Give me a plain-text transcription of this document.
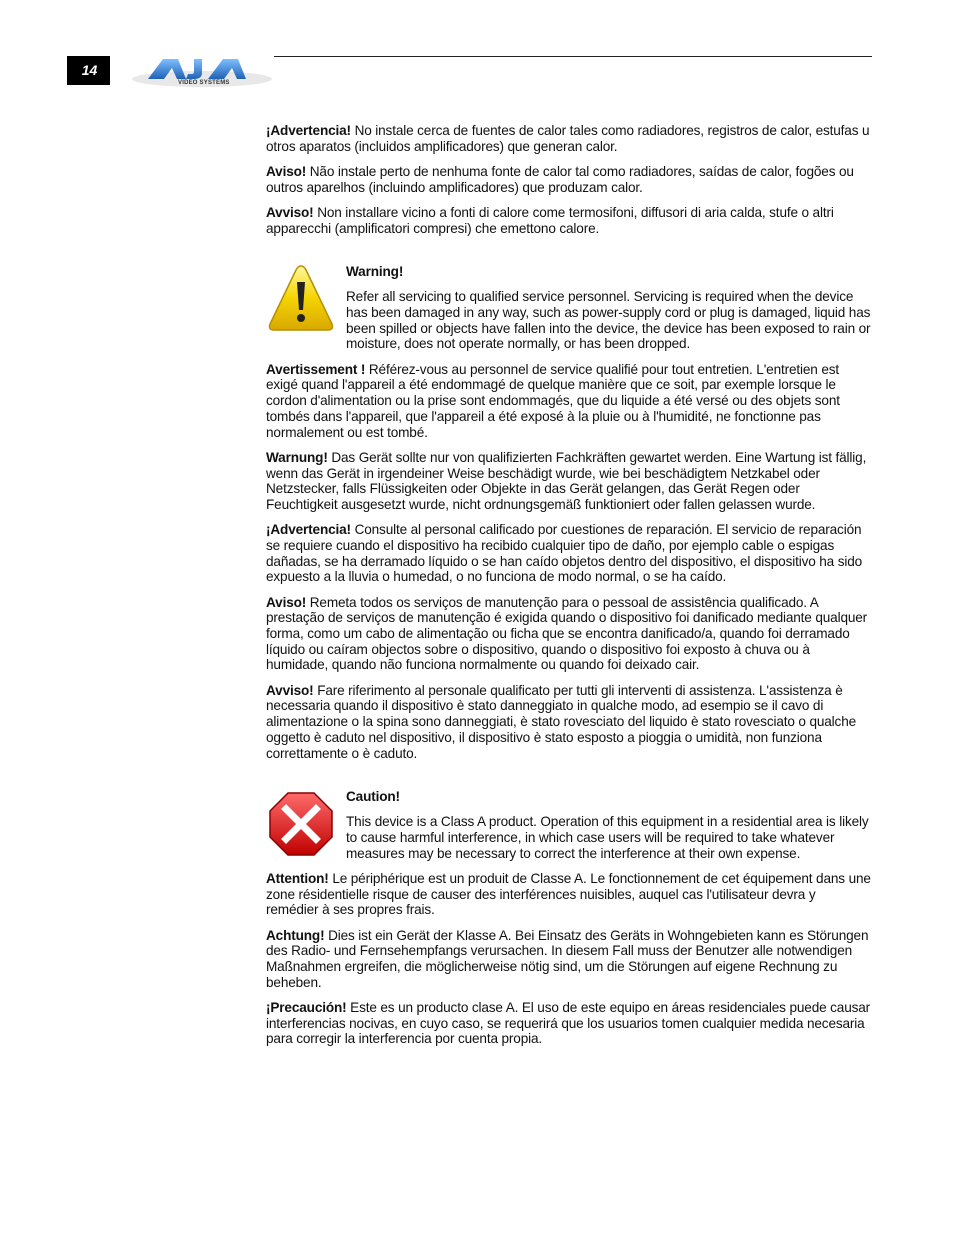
14
VIDEO SYSTEMS

¡Advertencia! No instale cerca de fuentes de calor tales como radiadores, registros de calor, estufas u otros aparatos (incluidos amplificadores) que generan calor.

Aviso! Não instale perto de nenhuma fonte de calor tal como radiadores, saídas de calor, fogões ou outros aparelhos (incluindo amplificadores) que produzam calor.

Avviso! Non installare vicino a fonti di calore come termosifoni, diffusori di aria calda, stufe o altri apparecchi (amplificatori compresi) che emettono calore.

Warning!
Refer all servicing to qualified service personnel. Servicing is required when the device has been damaged in any way, such as power-supply cord or plug is damaged, liquid has been spilled or objects have fallen into the device, the device has been exposed to rain or moisture, does not operate normally, or has been dropped.

Avertissement ! Référez-vous au personnel de service qualifié pour tout entretien. L'entretien est exigé quand l'appareil a été endommagé de quelque manière que ce soit, par exemple lorsque le cordon d'alimentation ou la prise sont endommagés, que du liquide a été versé ou des objets sont tombés dans l'appareil, que l'appareil a été exposé à la pluie ou à l'humidité, ne fonctionne pas normalement ou est tombé.

Warnung! Das Gerät sollte nur von qualifizierten Fachkräften gewartet werden. Eine Wartung ist fällig, wenn das Gerät in irgendeiner Weise beschädigt wurde, wie bei beschädigtem Netzkabel oder Netzstecker, falls Flüssigkeiten oder Objekte in das Gerät gelangen, das Gerät Regen oder Feuchtigkeit ausgesetzt wurde, nicht ordnungsgemäß funktioniert oder fallen gelassen wurde.

¡Advertencia! Consulte al personal calificado por cuestiones de reparación. El servicio de reparación se requiere cuando el dispositivo ha recibido cualquier tipo de daño, por ejemplo cable o espigas dañadas, se ha derramado líquido o se han caído objetos dentro del dispositivo, el dispositivo ha sido expuesto a la lluvia o humedad, o no funciona de modo normal, o se ha caído.

Aviso! Remeta todos os serviços de manutenção para o pessoal de assistência qualificado. A prestação de serviços de manutenção é exigida quando o dispositivo foi danificado mediante qualquer forma, como um cabo de alimentação ou ficha que se encontra danificado/a, quando foi derramado líquido ou caíram objectos sobre o dispositivo, quando o dispositivo foi exposto à chuva ou à humidade, quando não funciona normalmente ou quando foi deixado cair.

Avviso! Fare riferimento al personale qualificato per tutti gli interventi di assistenza. L'assistenza è necessaria quando il dispositivo è stato danneggiato in qualche modo, ad esempio se il cavo di alimentazione o la spina sono danneggiati, è stato rovesciato del liquido è stato rovesciato o qualche oggetto è caduto nel dispositivo, il dispositivo è stato esposto a pioggia o umidità, non funziona correttamente o è caduto.

Caution!
This device is a Class A product. Operation of this equipment in a residential area is likely to cause harmful interference, in which case users will be required to take whatever measures may be necessary to correct the interference at their own expense.

Attention! Le périphérique est un produit de Classe A. Le fonctionnement de cet équipement dans une zone résidentielle risque de causer des interférences nuisibles, auquel cas l'utilisateur devra y remédier à ses propres frais.

Achtung! Dies ist ein Gerät der Klasse A. Bei Einsatz des Geräts in Wohngebieten kann es Störungen des Radio- und Fernsehempfangs verursachen. In diesem Fall muss der Benutzer alle notwendigen Maßnahmen ergreifen, die möglicherweise nötig sind, um die Störungen auf eigene Rechnung zu beheben.

¡Precaución! Este es un producto clase A. El uso de este equipo en áreas residenciales puede causar interferencias nocivas, en cuyo caso, se requerirá que los usuarios tomen cualquier medida necesaria para corregir la interferencia por cuenta propia.
